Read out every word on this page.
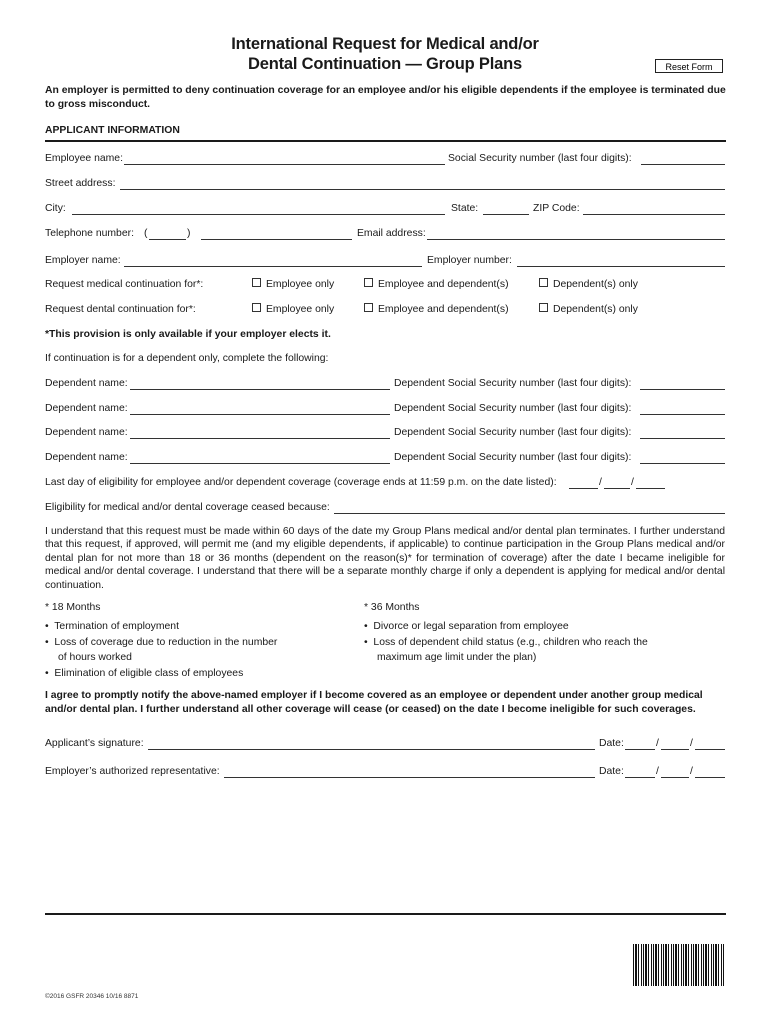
International Request for Medical and/or
Dental Continuation — Group Plans	Reset Form
An employer is permitted to deny continuation coverage for an employee and/or his eligible dependents if the employee is terminated due to gross misconduct.
APPLICANT INFORMATION
Employee name:	Social Security number (last four digits):
Street address:
City:	State:	ZIP Code:
Telephone number: (	)	Email address:
Employer name:	Employer number:
Request medical continuation for*:	Employee only	Employee and dependent(s)	Dependent(s) only
Request dental continuation for*:	Employee only	Employee and dependent(s)	Dependent(s) only
*This provision is only available if your employer elects it.
If continuation is for a dependent only, complete the following:
Dependent name:	Dependent Social Security number (last four digits):
Dependent name:	Dependent Social Security number (last four digits):
Dependent name:	Dependent Social Security number (last four digits):
Dependent name:	Dependent Social Security number (last four digits):
Last day of eligibility for employee and/or dependent coverage (coverage ends at 11:59 p.m. on the date listed):	/	/
Eligibility for medical and/or dental coverage ceased because:
I understand that this request must be made within 60 days of the date my Group Plans medical and/or dental plan terminates. I further understand that this request, if approved, will permit me (and my eligible dependents, if applicable) to continue participation in the Group Plans medical and/or dental plan for not more than 18 or 36 months (dependent on the reason(s)* for termination of coverage) after the date I became ineligible for medical and/or dental coverage. I understand that there will be a separate monthly charge if only a dependent is applying for medical and/or dental continuation.
* 18 Months
•  Termination of employment
•  Loss of coverage due to reduction in the number
of hours worked
•  Elimination of eligible class of employees
* 36 Months
•  Divorce or legal separation from employee
•  Loss of dependent child status (e.g., children who reach the
maximum age limit under the plan)
I agree to promptly notify the above-named employer if I become covered as an employee or dependent under another group medical and/or dental plan. I further understand all other coverage will cease (or ceased) on the date I become ineligible for such coverages.
Applicant’s signature:	Date:	/	/
Employer’s authorized representative:	Date:	/	/
©2016 GSFR 20346 10/16 8871
